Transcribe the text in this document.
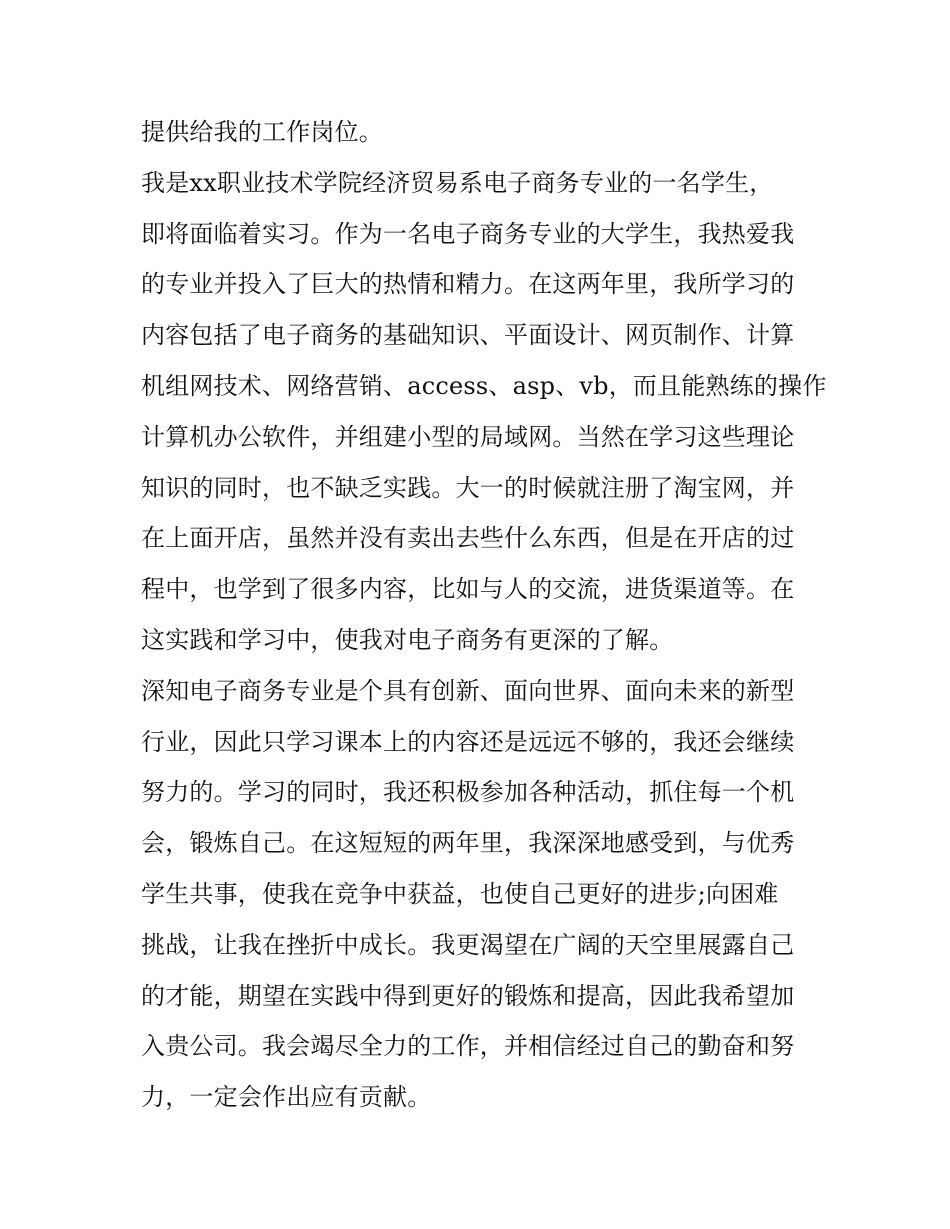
提供给我的工作岗位。
我是xx职业技术学院经济贸易系电子商务专业的一名学生，
即将面临着实习。作为一名电子商务专业的大学生，我热爱我
的专业并投入了巨大的热情和精力。在这两年里，我所学习的
内容包括了电子商务的基础知识、平面设计、网页制作、计算
机组网技术、网络营销、access、asp、vb，而且能熟练的操作
计算机办公软件，并组建小型的局域网。当然在学习这些理论
知识的同时，也不缺乏实践。大一的时候就注册了淘宝网，并
在上面开店，虽然并没有卖出去些什么东西，但是在开店的过
程中，也学到了很多内容，比如与人的交流，进货渠道等。在
这实践和学习中，使我对电子商务有更深的了解。
深知电子商务专业是个具有创新、面向世界、面向未来的新型
行业，因此只学习课本上的内容还是远远不够的，我还会继续
努力的。学习的同时，我还积极参加各种活动，抓住每一个机
会，锻炼自己。在这短短的两年里，我深深地感受到，与优秀
学生共事，使我在竞争中获益，也使自己更好的进步;向困难
挑战，让我在挫折中成长。我更渴望在广阔的天空里展露自己
的才能，期望在实践中得到更好的锻炼和提高，因此我希望加
入贵公司。我会竭尽全力的工作，并相信经过自己的勤奋和努
力，一定会作出应有贡献。
